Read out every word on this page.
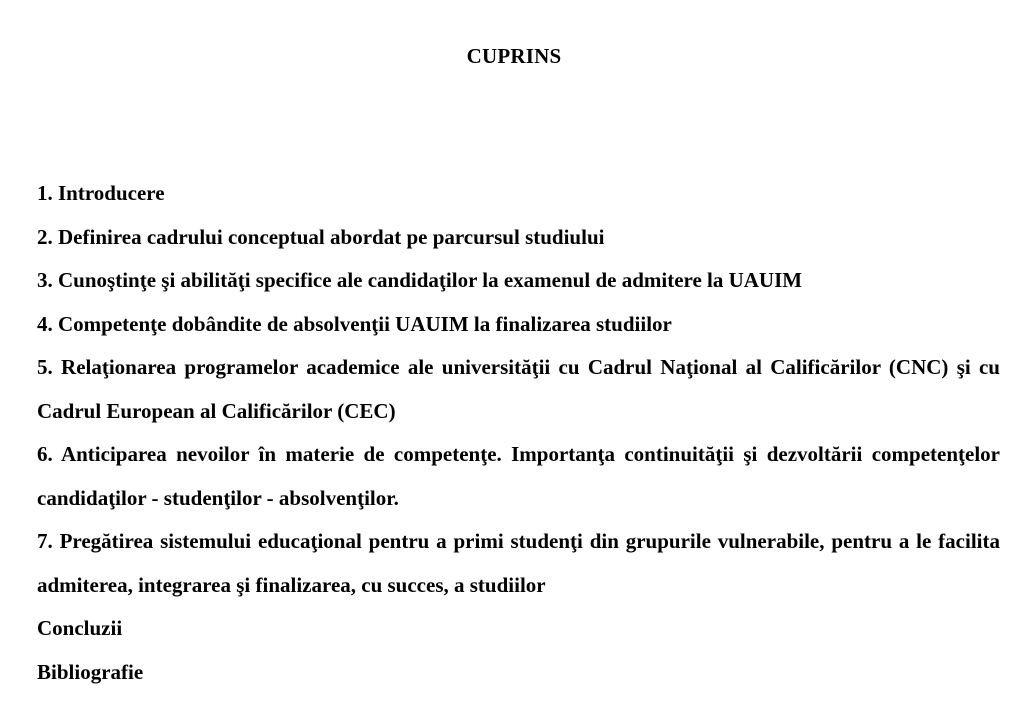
CUPRINS
1. Introducere
2. Definirea cadrului conceptual abordat pe parcursul studiului
3. Cunoştinţe şi abilităţi specifice ale candidaţilor la examenul de admitere la UAUIM
4. Competenţe dobândite de absolvenţii UAUIM la finalizarea studiilor
5. Relaţionarea programelor academice ale universităţii cu Cadrul Naţional al Calificărilor (CNC) şi cu Cadrul European al Calificărilor (CEC)
6. Anticiparea nevoilor în materie de competenţe. Importanţa continuităţii şi dezvoltării competenţelor candidaţilor - studenţilor - absolvenţilor.
7. Pregătirea sistemului educaţional pentru a primi studenţi din grupurile vulnerabile, pentru a le facilita admiterea, integrarea şi finalizarea, cu succes, a studiilor
Concluzii
Bibliografie
